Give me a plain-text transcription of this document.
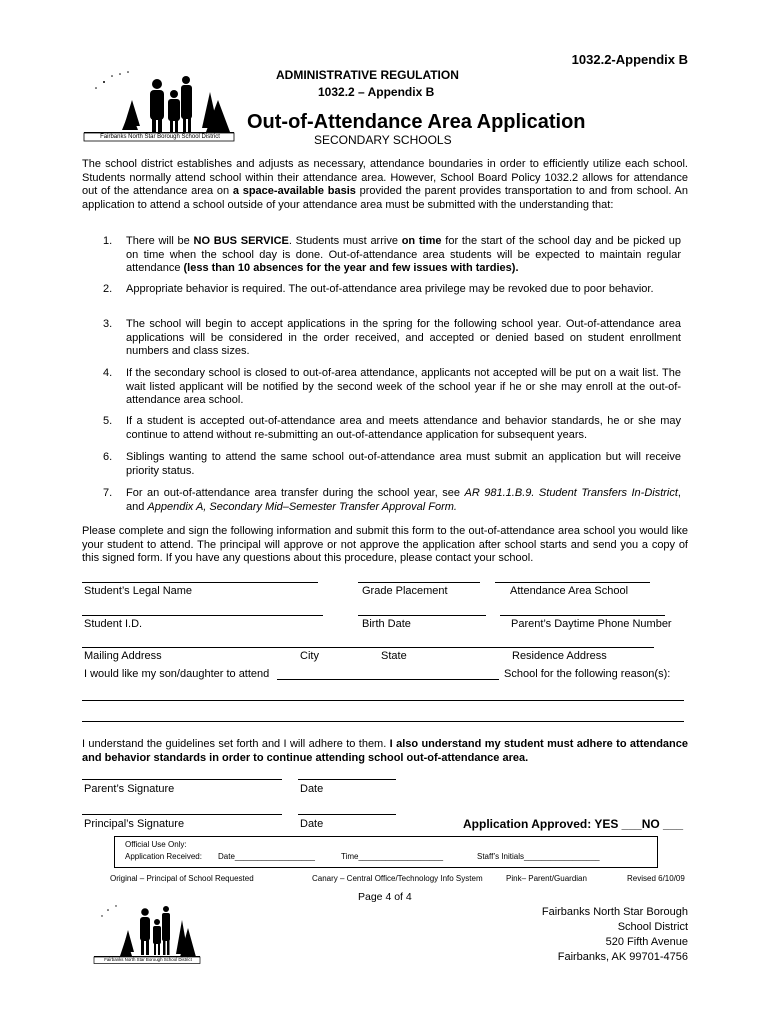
1032.2-Appendix B
ADMINISTRATIVE REGULATION
1032.2 – Appendix B
Fairbanks North Star Borough School District
Out-of-Attendance Area Application
SECONDARY SCHOOLS
The school district establishes and adjusts as necessary, attendance boundaries in order to efficiently utilize each school. Students normally attend school within their attendance area. However, School Board Policy 1032.2 allows for attendance out of the attendance area on a space-available basis provided the parent provides transportation to and from school. An application to attend a school outside of your attendance area must be submitted with the understanding that:
1. There will be NO BUS SERVICE. Students must arrive on time for the start of the school day and be picked up on time when the school day is done. Out-of-attendance area students will be expected to maintain regular attendance (less than 10 absences for the year and few issues with tardies).
2. Appropriate behavior is required. The out-of-attendance area privilege may be revoked due to poor behavior.
3. The school will begin to accept applications in the spring for the following school year. Out-of-attendance area applications will be considered in the order received, and accepted or denied based on student enrollment numbers and class sizes.
4. If the secondary school is closed to out-of-area attendance, applicants not accepted will be put on a wait list. The wait listed applicant will be notified by the second week of the school year if he or she may enroll at the out-of-attendance area school.
5. If a student is accepted out-of-attendance area and meets attendance and behavior standards, he or she may continue to attend without re-submitting an out-of-attendance application for subsequent years.
6. Siblings wanting to attend the same school out-of-attendance area must submit an application but will receive priority status.
7. For an out-of-attendance area transfer during the school year, see AR 981.1.B.9. Student Transfers In-District, and Appendix A, Secondary Mid–Semester Transfer Approval Form.
Please complete and sign the following information and submit this form to the out-of-attendance area school you would like your student to attend. The principal will approve or not approve the application after school starts and send you a copy of this signed form. If you have any questions about this procedure, please contact your school.
Student’s Legal Name	Grade Placement	Attendance Area School
Student I.D.	Birth Date	Parent’s Daytime Phone Number
Mailing Address	City	State	Residence Address
I would like my son/daughter to attend	School for the following reason(s):
I understand the guidelines set forth and I will adhere to them. I also understand my student must adhere to attendance and behavior standards in order to continue attending school out-of-attendance area.
Parent’s Signature	Date
Principal’s Signature	Date	Application Approved: YES ___NO ___
Official Use Only:
Application Received: Date__________________	Time___________________	Staff’s Initials_________________
Original – Principal of School Requested	Canary – Central Office/Technology Info System	Pink– Parent/Guardian	Revised 6/10/09
Page 4 of 4
Fairbanks North Star Borough School District
Fairbanks North Star Borough
School District
520 Fifth Avenue
Fairbanks, AK 99701-4756
